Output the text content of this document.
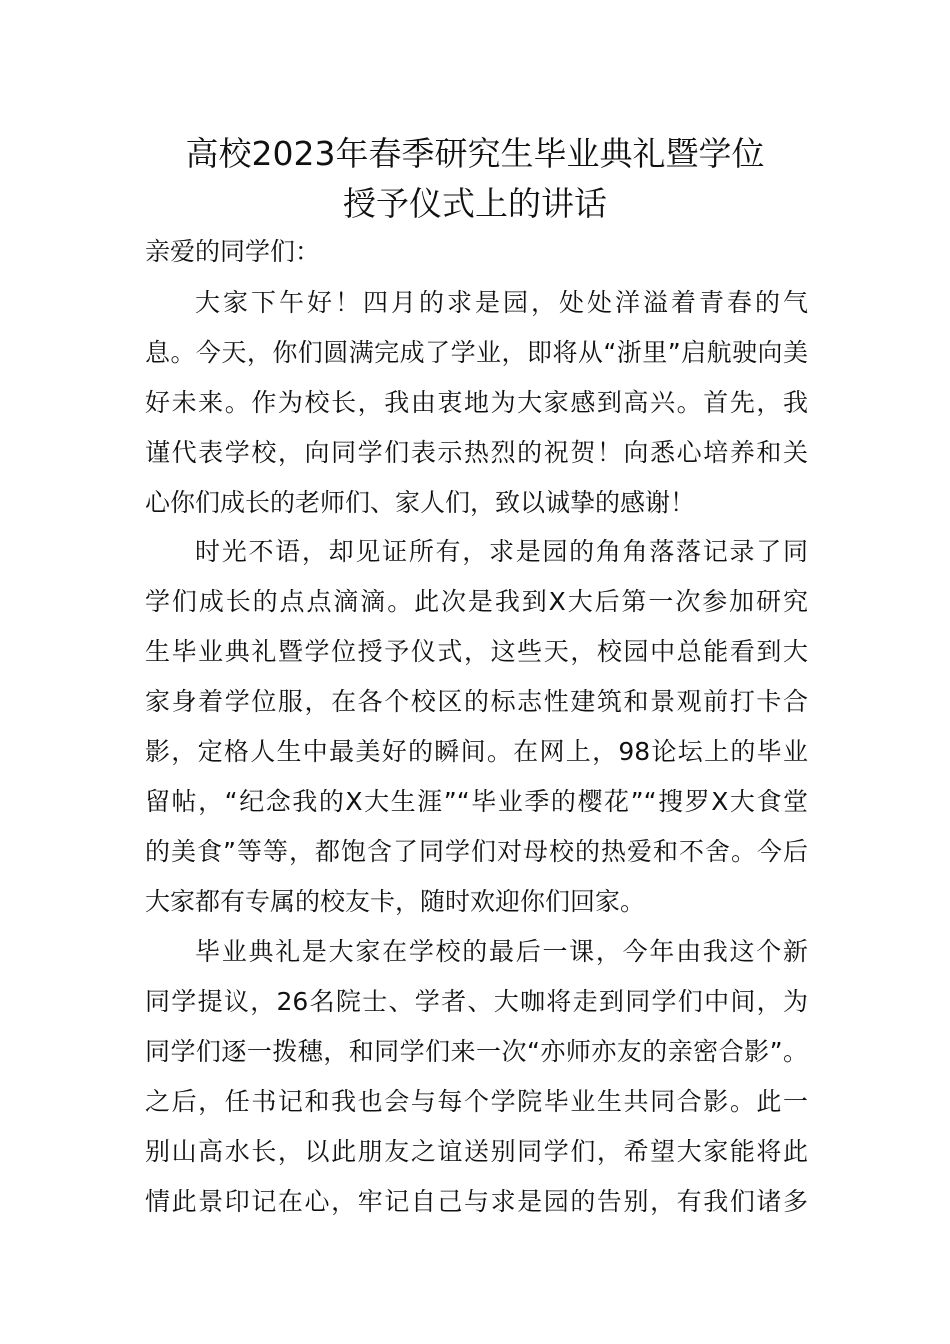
高校2023年春季研究生毕业典礼暨学位
授予仪式上的讲话
亲爱的同学们：
大家下午好！四月的求是园，处处洋溢着青春的气
息。今天，你们圆满完成了学业，即将从“浙里”启航驶向美
好未来。作为校长，我由衷地为大家感到高兴。首先，我
谨代表学校，向同学们表示热烈的祝贺！向悉心培养和关
心你们成长的老师们、家人们，致以诚挚的感谢！
时光不语，却见证所有，求是园的角角落落记录了同
学们成长的点点滴滴。此次是我到X大后第一次参加研究
生毕业典礼暨学位授予仪式，这些天，校园中总能看到大
家身着学位服，在各个校区的标志性建筑和景观前打卡合
影，定格人生中最美好的瞬间。在网上，98论坛上的毕业
留帖，“纪念我的X大生涯”“毕业季的樱花”“搜罗X大食堂
的美食”等等，都饱含了同学们对母校的热爱和不舍。今后
大家都有专属的校友卡，随时欢迎你们回家。
毕业典礼是大家在学校的最后一课，今年由我这个新
同学提议，26名院士、学者、大咖将走到同学们中间，为
同学们逐一拨穗，和同学们来一次“亦师亦友的亲密合影”。
之后，任书记和我也会与每个学院毕业生共同合影。此一
别山高水长，以此朋友之谊送别同学们，希望大家能将此
情此景印记在心，牢记自己与求是园的告别，有我们诸多
